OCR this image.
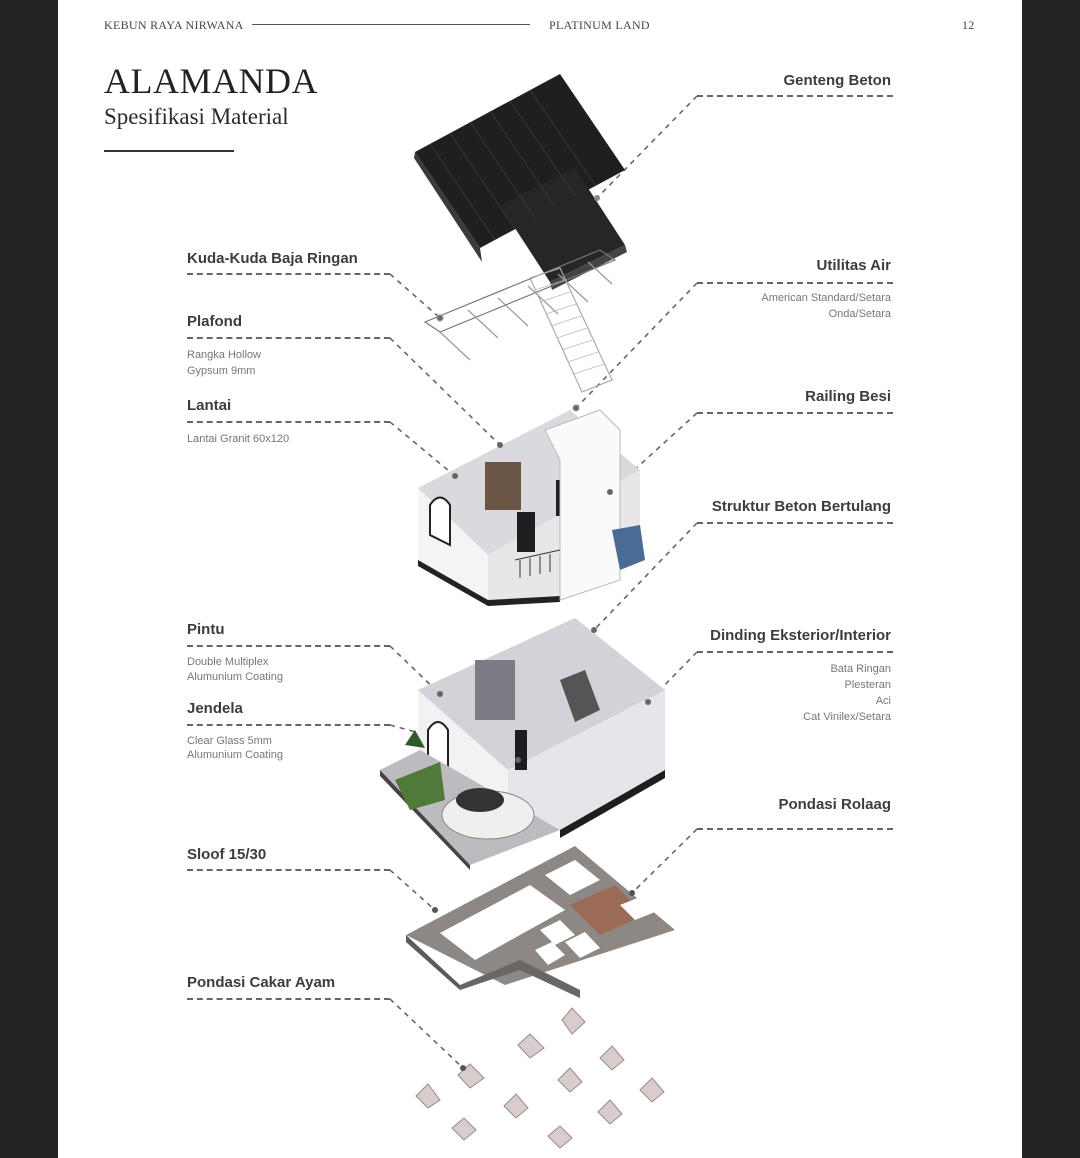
KEBUN RAYA NIRWANA	PLATINUM LAND	12
ALAMANDA
Spesifikasi Material
Genteng Beton
Utilitas Air
American Standard/Setara
Onda/Setara
Railing Besi
Struktur Beton Bertulang
Dinding Eksterior/Interior
Bata Ringan
Plesteran
Aci
Cat Vinilex/Setara
Pondasi Rolaag
Kuda-Kuda Baja Ringan
Plafond
Rangka Hollow
Gypsum 9mm
Lantai
Lantai Granit 60x120
Pintu
Double Multiplex
Alumunium Coating
Jendela
Clear Glass 5mm
Alumunium Coating
Sloof 15/30
Pondasi Cakar Ayam
